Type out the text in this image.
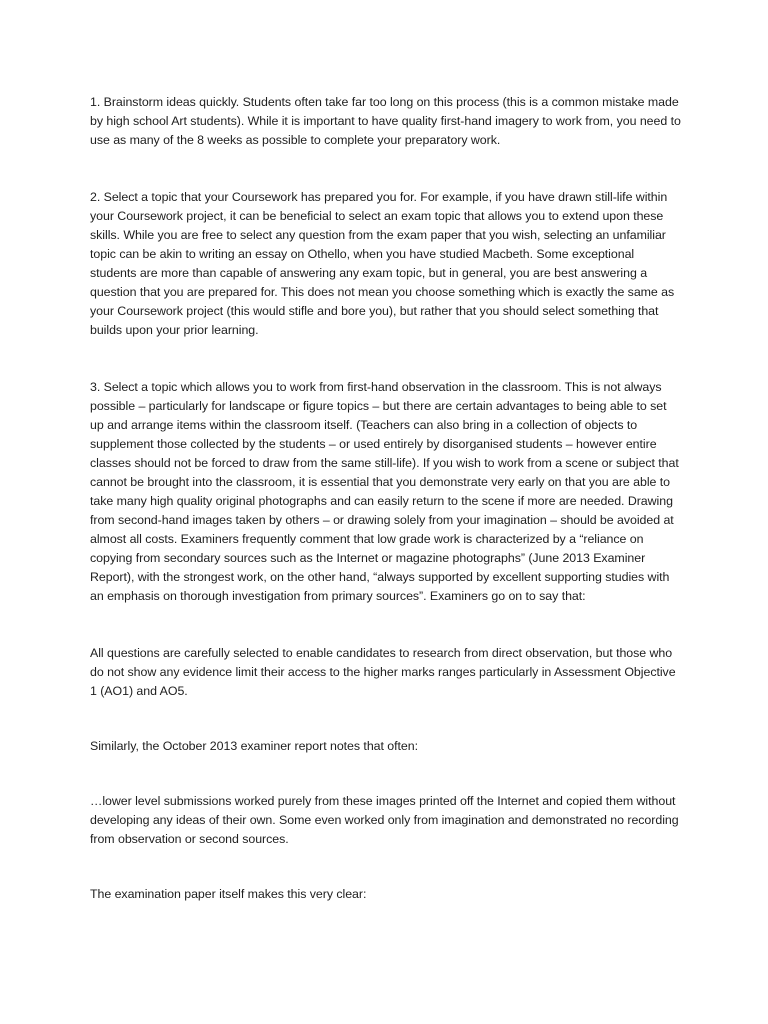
1. Brainstorm ideas quickly. Students often take far too long on this process (this is a common mistake made by high school Art students). While it is important to have quality first-hand imagery to work from, you need to use as many of the 8 weeks as possible to complete your preparatory work.

2. Select a topic that your Coursework has prepared you for. For example, if you have drawn still-life within your Coursework project, it can be beneficial to select an exam topic that allows you to extend upon these skills. While you are free to select any question from the exam paper that you wish, selecting an unfamiliar topic can be akin to writing an essay on Othello, when you have studied Macbeth. Some exceptional students are more than capable of answering any exam topic, but in general, you are best answering a question that you are prepared for. This does not mean you choose something which is exactly the same as your Coursework project (this would stifle and bore you), but rather that you should select something that builds upon your prior learning.

3. Select a topic which allows you to work from first-hand observation in the classroom. This is not always possible – particularly for landscape or figure topics – but there are certain advantages to being able to set up and arrange items within the classroom itself. (Teachers can also bring in a collection of objects to supplement those collected by the students – or used entirely by disorganised students – however entire classes should not be forced to draw from the same still-life). If you wish to work from a scene or subject that cannot be brought into the classroom, it is essential that you demonstrate very early on that you are able to take many high quality original photographs and can easily return to the scene if more are needed. Drawing from second-hand images taken by others – or drawing solely from your imagination – should be avoided at almost all costs. Examiners frequently comment that low grade work is characterized by a “reliance on copying from secondary sources such as the Internet or magazine photographs” (June 2013 Examiner Report), with the strongest work, on the other hand, “always supported by excellent supporting studies with an emphasis on thorough investigation from primary sources”. Examiners go on to say that:

All questions are carefully selected to enable candidates to research from direct observation, but those who do not show any evidence limit their access to the higher marks ranges particularly in Assessment Objective 1 (AO1) and AO5.

Similarly, the October 2013 examiner report notes that often:

…lower level submissions worked purely from these images printed off the Internet and copied them without developing any ideas of their own. Some even worked only from imagination and demonstrated no recording from observation or second sources.

The examination paper itself makes this very clear:
